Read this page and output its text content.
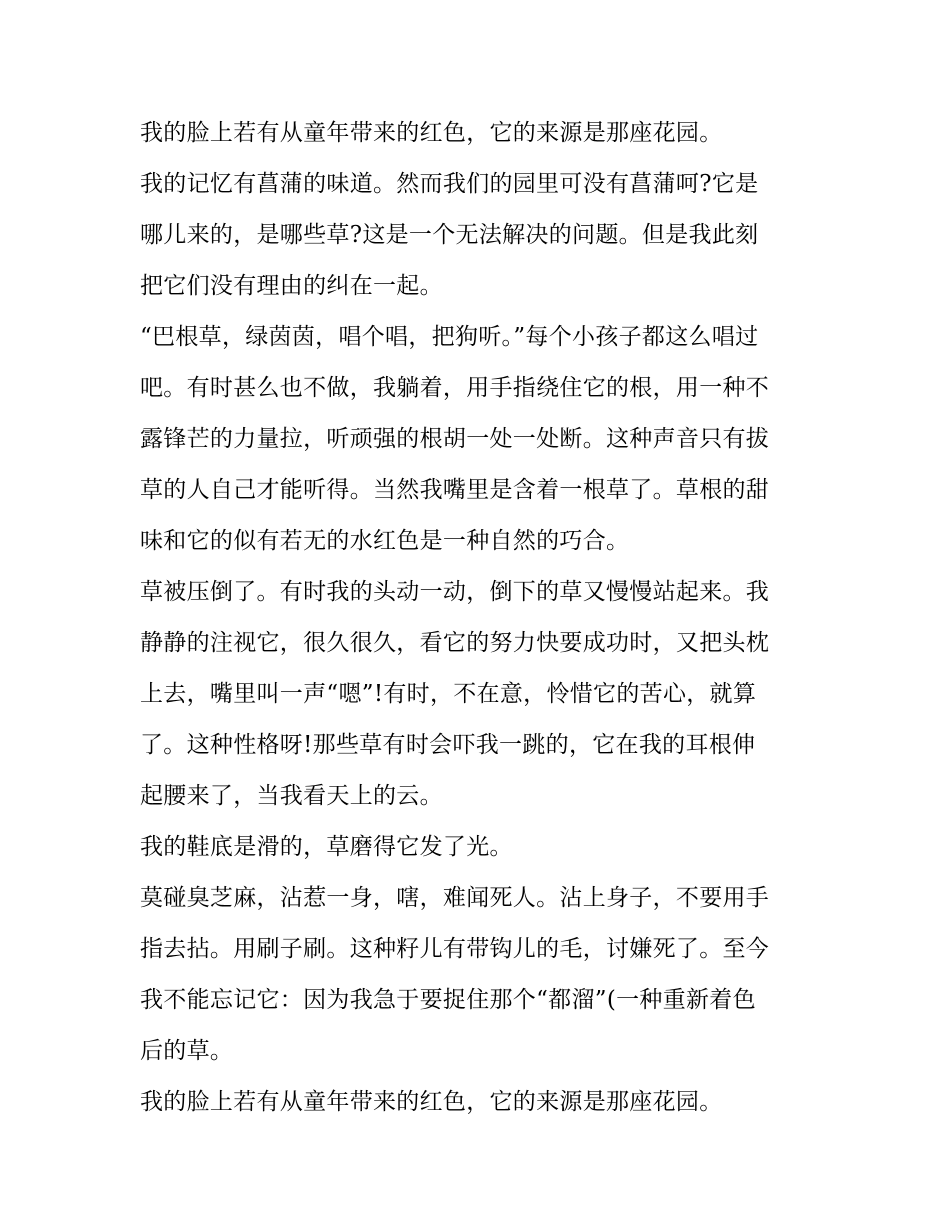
我的脸上若有从童年带来的红色，它的来源是那座花园。
我的记忆有菖蒲的味道。然而我们的园里可没有菖蒲呵?它是
哪儿来的，是哪些草?这是一个无法解决的问题。但是我此刻
把它们没有理由的纠在一起。
“巴根草，绿茵茵，唱个唱，把狗听。”每个小孩子都这么唱过
吧。有时甚么也不做，我躺着，用手指绕住它的根，用一种不
露锋芒的力量拉，听顽强的根胡一处一处断。这种声音只有拔
草的人自己才能听得。当然我嘴里是含着一根草了。草根的甜
味和它的似有若无的水红色是一种自然的巧合。
草被压倒了。有时我的头动一动，倒下的草又慢慢站起来。我
静静的注视它，很久很久，看它的努力快要成功时，又把头枕
上去，嘴里叫一声“嗯”!有时，不在意，怜惜它的苦心，就算
了。这种性格呀!那些草有时会吓我一跳的，它在我的耳根伸
起腰来了，当我看天上的云。
我的鞋底是滑的，草磨得它发了光。
莫碰臭芝麻，沾惹一身，嗐，难闻死人。沾上身子，不要用手
指去拈。用刷子刷。这种籽儿有带钩儿的毛，讨嫌死了。至今
我不能忘记它：因为我急于要捉住那个“都溜”(一种重新着色
后的草。
我的脸上若有从童年带来的红色，它的来源是那座花园。
